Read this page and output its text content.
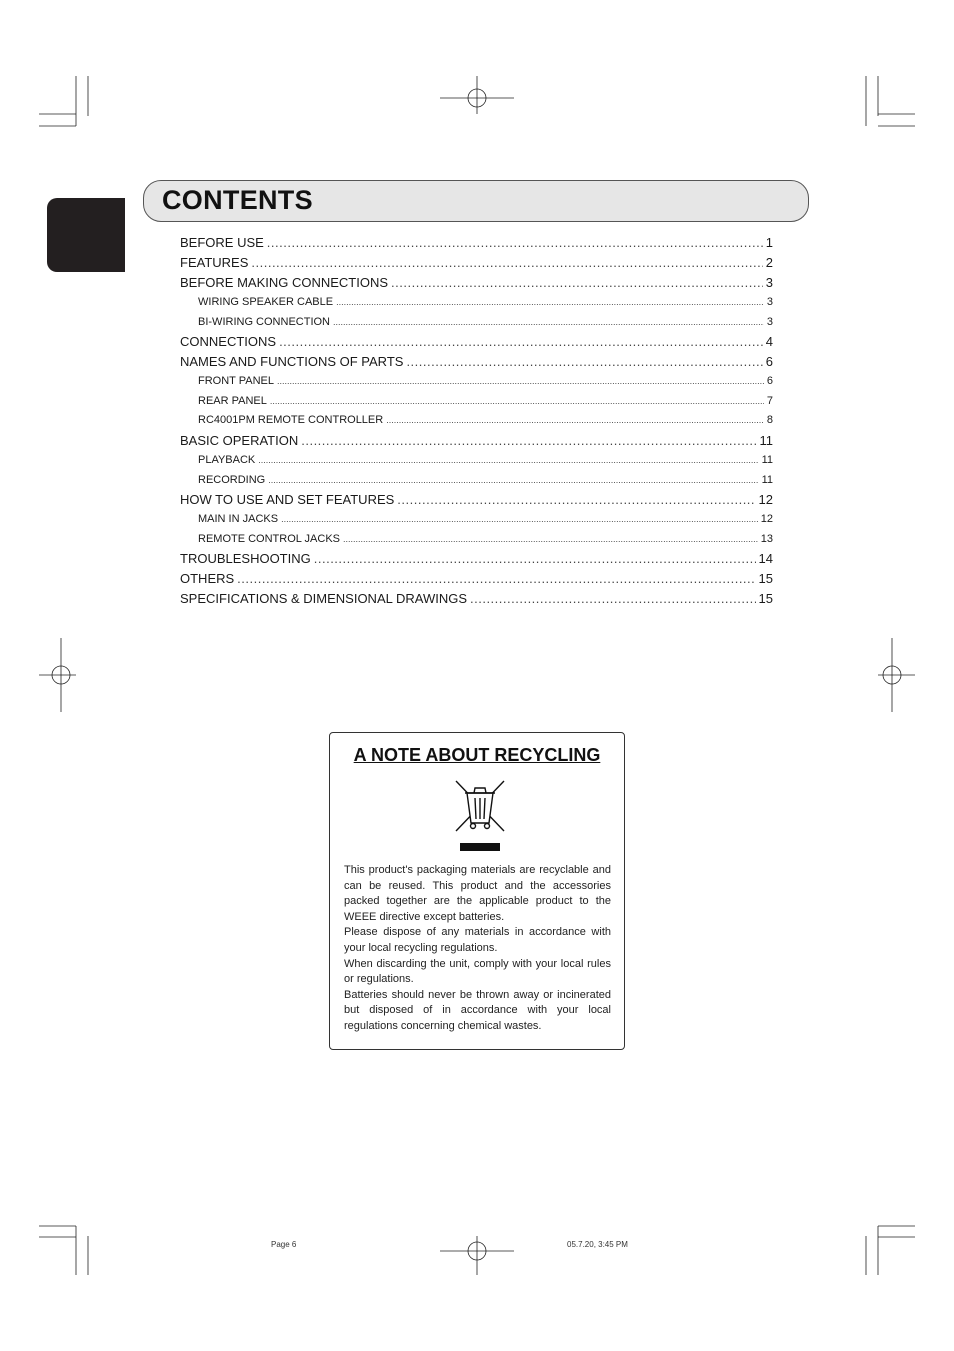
ENGLISH
CONTENTS
BEFORE USE .....	1
FEATURES .....	2
BEFORE MAKING CONNECTIONS .....	3
WIRING SPEAKER CABLE .....	3
BI-WIRING CONNECTION .....	3
CONNECTIONS .....	4
NAMES AND FUNCTIONS OF PARTS .....	6
FRONT PANEL .....	6
REAR PANEL .....	7
RC4001PM REMOTE CONTROLLER .....	8
BASIC OPERATION .....	11
PLAYBACK .....	11
RECORDING .....	11
HOW TO USE AND SET FEATURES .....	12
MAIN IN JACKS .....	12
REMOTE CONTROL JACKS .....	13
TROUBLESHOOTING .....	14
OTHERS .....	15
SPECIFICATIONS & DIMENSIONAL DRAWINGS .....	15
A NOTE ABOUT RECYCLING

This product's packaging materials are recyclable and can be reused. This product and the accessories packed together are the applicable product to the WEEE directive except batteries.

Please dispose of any materials in accordance with your local recycling regulations.

When discarding the unit, comply with your local rules or regulations.

Batteries should never be thrown away or incinerated but disposed of in accordance with your local regulations concerning chemical wastes.

Page 6	05.7.20, 3:45 PM
